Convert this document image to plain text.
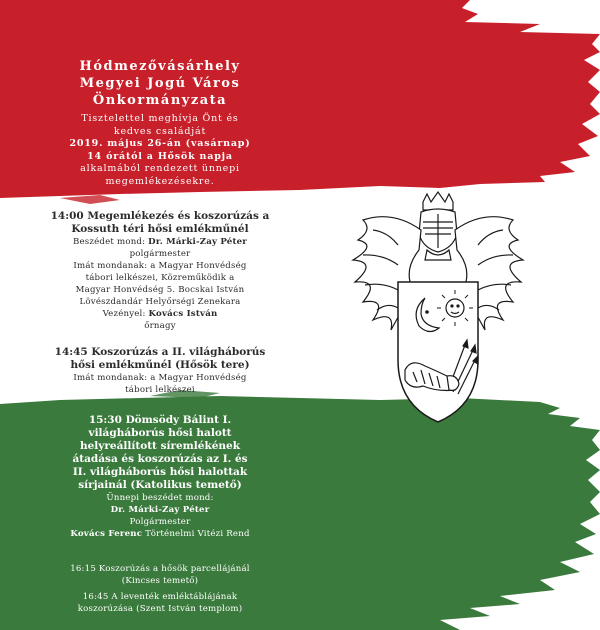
Hódmezővásárhely
Megyei Jogú Város
Önkormányzata
Tisztelettel meghívja Önt és
kedves családját
2019. május 26-án (vasárnap)
14 órától a Hősök napja
alkalmából rendezett ünnepi
megemlékezésekre.
14:00 Megemlékezés és koszorúzás a
Kossuth téri hősi emlékműnél
Beszédet mond: Dr. Márki-Zay Péter
polgármester
Imát mondanak: a Magyar Honvédség
tábori lelkészei, Közreműködik a
Magyar Honvédség 5. Bocskai István
Lövészdandár Helyőrségi Zenekara
Vezényel: Kovács István
őrnagy
14:45 Koszorúzás a II. világháborús
hősi emlékműnél (Hősök tere)
Imát mondanak: a Magyar Honvédség
tábori lelkészei
15:30 Dömsödy Bálint I.
világháborús hősi halott
helyreállított síremlékének
átadása és koszorúzás az I. és
II. világháborús hősi halottak
sírjainál (Katolikus temető)
Ünnepi beszédet mond:
Dr. Márki-Zay Péter
Polgármester
Kovács Ferenc Történelmi Vitézi Rend
16:15 Koszorúzás a hősök parcellájánál
(Kincses temető)
16:45 A leventék emléktáblájának
koszorúzása (Szent István templom)
